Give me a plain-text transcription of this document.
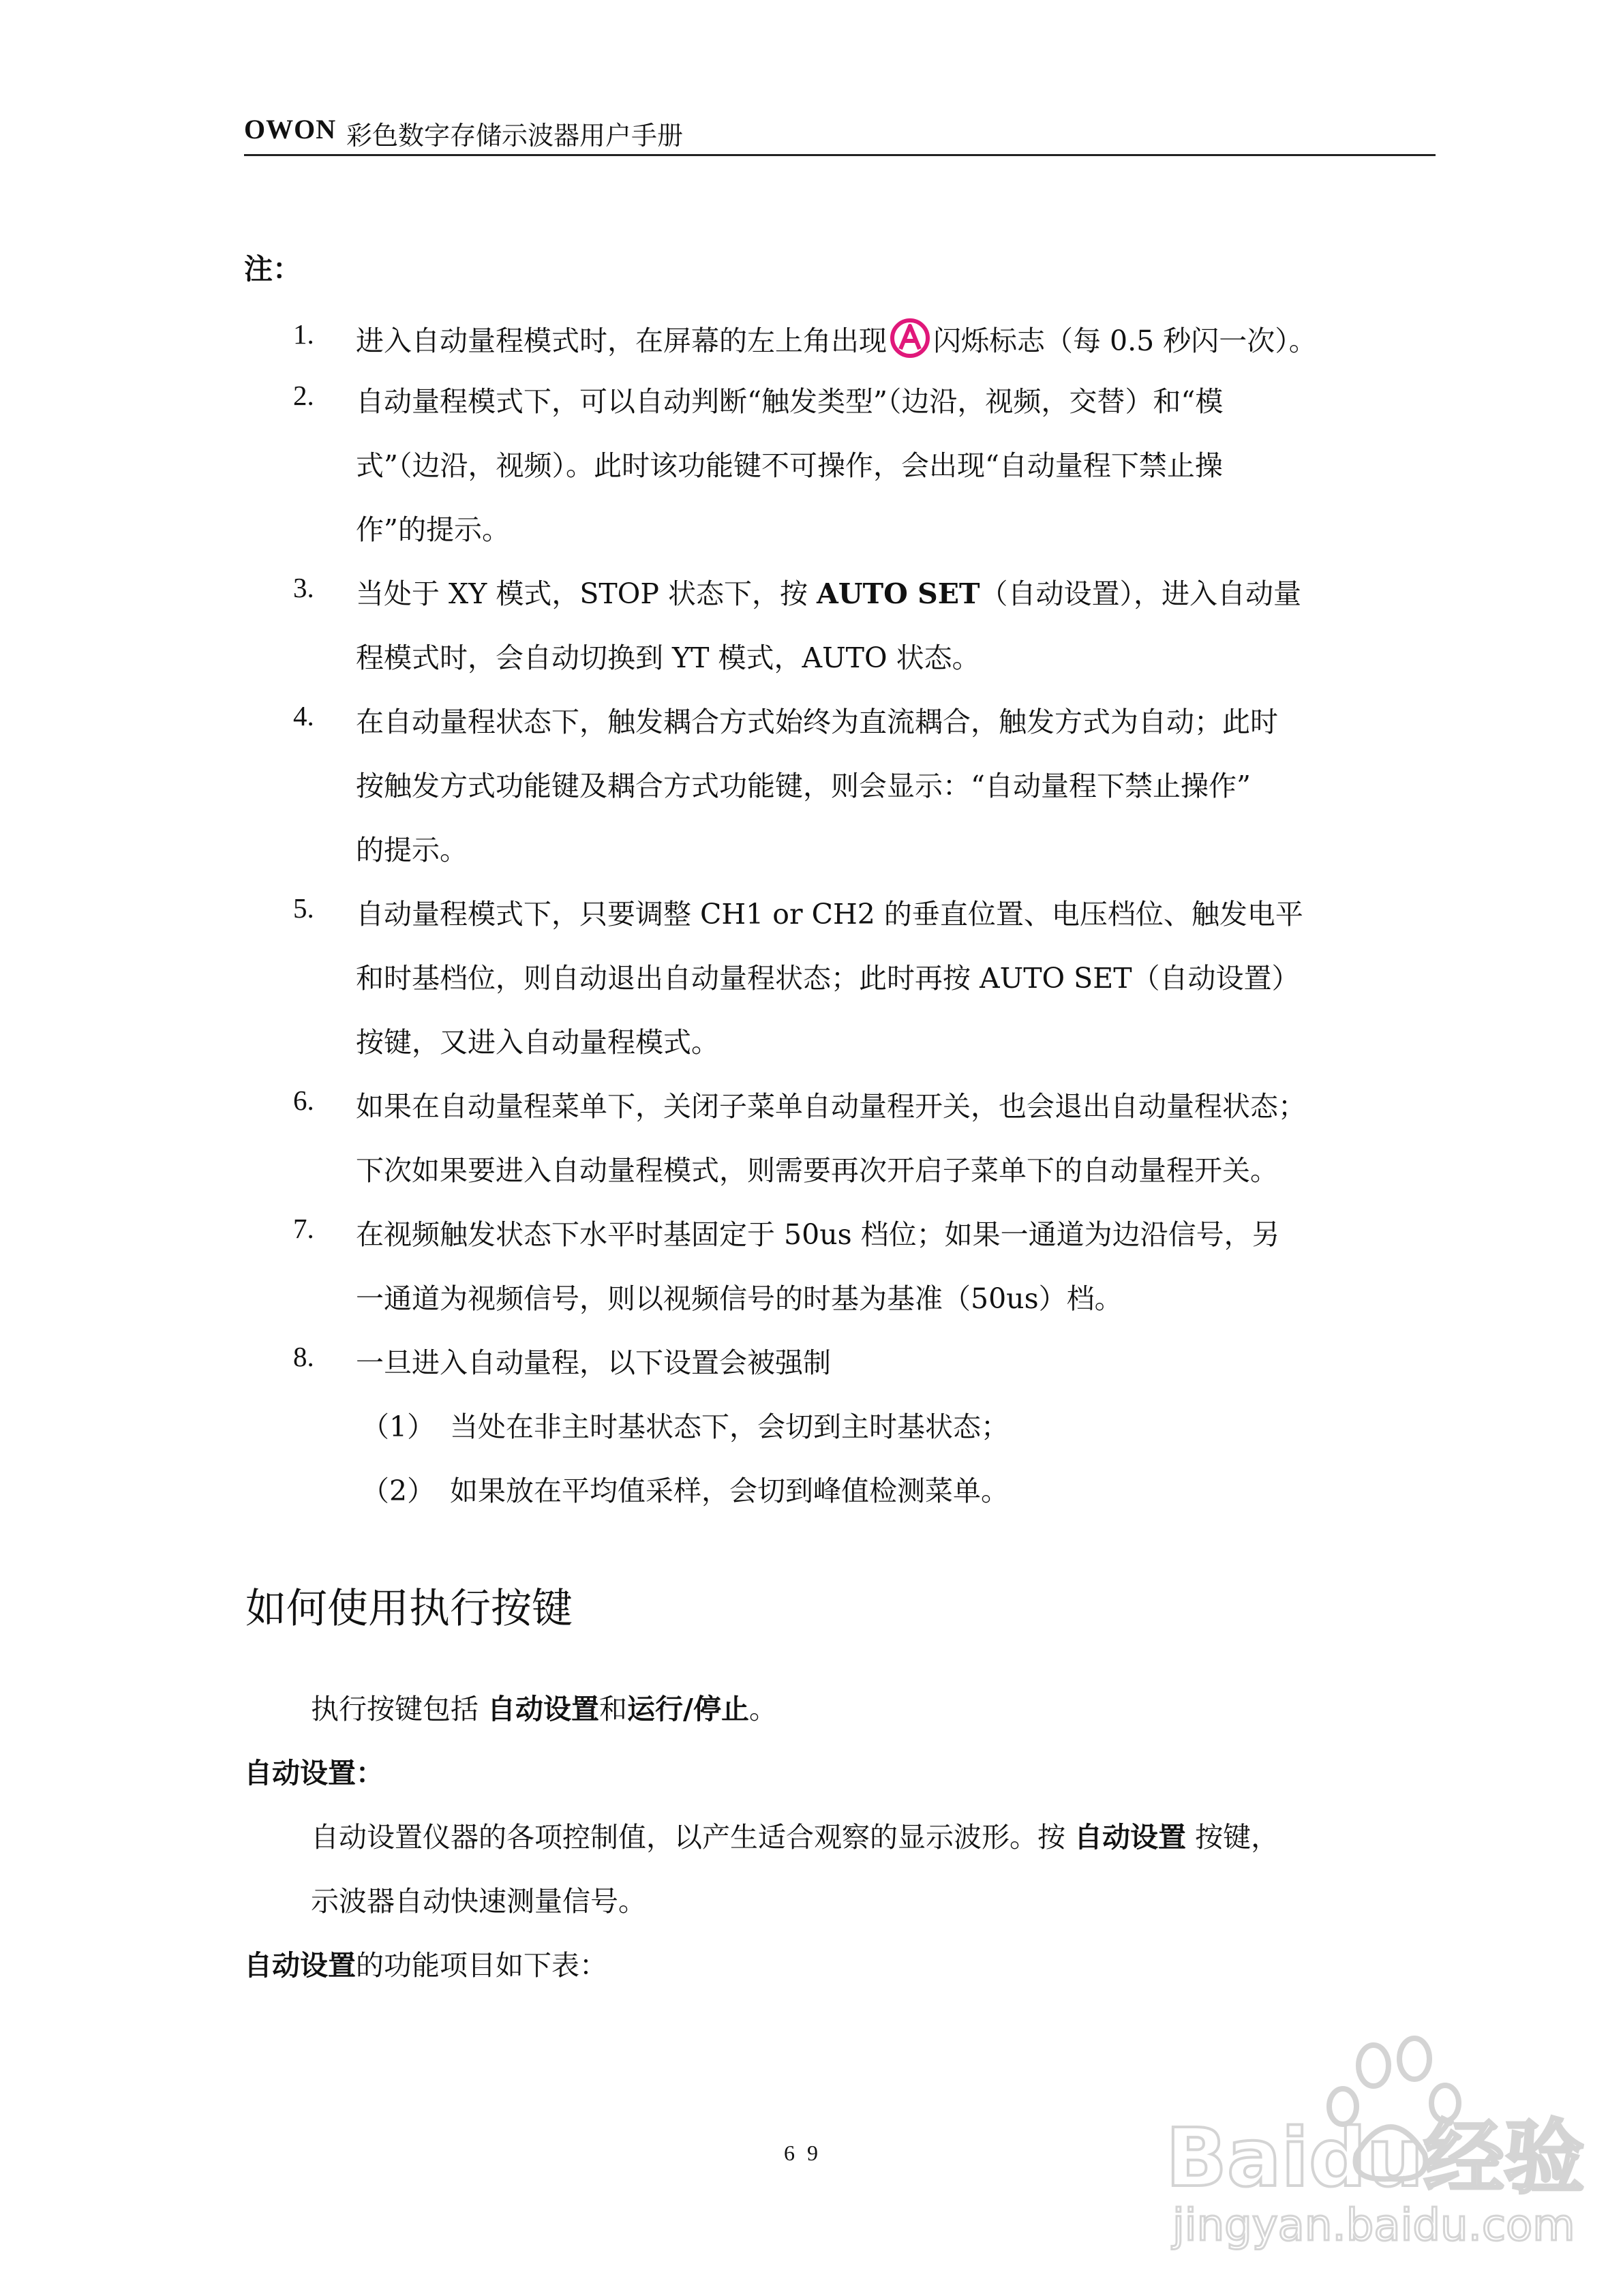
OWON 彩色数字存储示波器用户手册
注：
1. 进入自动量程模式时，在屏幕的左上角出现 闪烁标志（每 0.5 秒闪一次）。
2. 自动量程模式下，可以自动判断“触发类型”（边沿，视频，交替）和“模
式”（边沿，视频）。此时该功能键不可操作，会出现“自动量程下禁止操
作”的提示。
3. 当处于 XY 模式，STOP 状态下，按 AUTO SET（自动设置），进入自动量
程模式时，会自动切换到 YT 模式，AUTO 状态。
4. 在自动量程状态下，触发耦合方式始终为直流耦合，触发方式为自动；此时
按触发方式功能键及耦合方式功能键，则会显示：“自动量程下禁止操作”
的提示。
5. 自动量程模式下，只要调整 CH1 or CH2 的垂直位置、电压档位、触发电平
和时基档位，则自动退出自动量程状态；此时再按 AUTO SET（自动设置）
按键，又进入自动量程模式。
6. 如果在自动量程菜单下，关闭子菜单自动量程开关，也会退出自动量程状态；
下次如果要进入自动量程模式，则需要再次开启子菜单下的自动量程开关。
7. 在视频触发状态下水平时基固定于 50us 档位；如果一通道为边沿信号，另
一通道为视频信号，则以视频信号的时基为基准（50us）档。
8. 一旦进入自动量程，以下设置会被强制
（1） 当处在非主时基状态下，会切到主时基状态；
（2） 如果放在平均值采样，会切到峰值检测菜单。
如何使用执行按键
执行按键包括 自动设置和运行/停止。
自动设置：
自动设置仪器的各项控制值，以产生适合观察的显示波形。按 自动设置 按键，
示波器自动快速测量信号。
自动设置的功能项目如下表：
69	Baidu经验
jingyan.baidu.com
